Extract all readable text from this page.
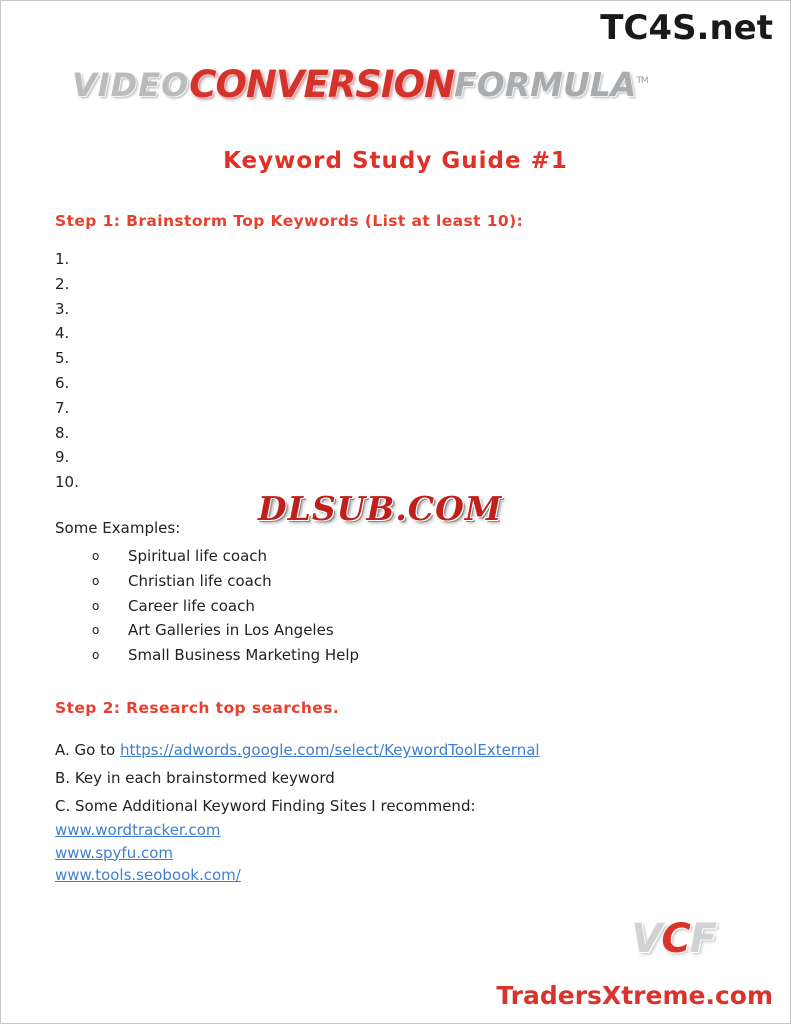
TC4S.net
VIDEOCONVERSIONFORMULA™
Keyword Study Guide #1
Step 1: Brainstorm Top Keywords (List at least 10):
1.
2.
3.
4.
5.
6.
7.
8.
9.
10.
DLSUB.COM
Some Examples:
o Spiritual life coach
o Christian life coach
o Career life coach
o Art Galleries in Los Angeles
o Small Business Marketing Help
Step 2: Research top searches.
A. Go to https://adwords.google.com/select/KeywordToolExternal
B. Key in each brainstormed keyword
C. Some Additional Keyword Finding Sites I recommend:
www.wordtracker.com
www.spyfu.com
www.tools.seobook.com/
VCF
TradersXtreme.com
